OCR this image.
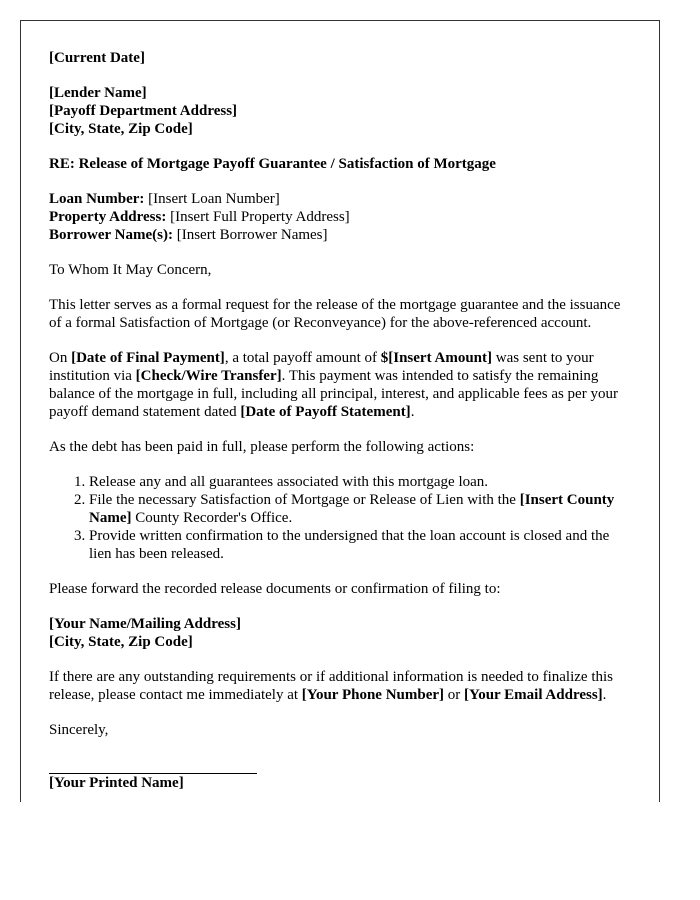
[Current Date]

[Lender Name]
[Payoff Department Address]
[City, State, Zip Code]

RE: Release of Mortgage Payoff Guarantee / Satisfaction of Mortgage

Loan Number: [Insert Loan Number]
Property Address: [Insert Full Property Address]
Borrower Name(s): [Insert Borrower Names]

To Whom It May Concern,

This letter serves as a formal request for the release of the mortgage guarantee and the issuance of a formal Satisfaction of Mortgage (or Reconveyance) for the above-referenced account.

On [Date of Final Payment], a total payoff amount of $[Insert Amount] was sent to your institution via [Check/Wire Transfer]. This payment was intended to satisfy the remaining balance of the mortgage in full, including all principal, interest, and applicable fees as per your payoff demand statement dated [Date of Payoff Statement].

As the debt has been paid in full, please perform the following actions:

1. Release any and all guarantees associated with this mortgage loan.
2. File the necessary Satisfaction of Mortgage or Release of Lien with the [Insert County Name] County Recorder's Office.
3. Provide written confirmation to the undersigned that the loan account is closed and the lien has been released.

Please forward the recorded release documents or confirmation of filing to:

[Your Name/Mailing Address]
[City, State, Zip Code]

If there are any outstanding requirements or if additional information is needed to finalize this release, please contact me immediately at [Your Phone Number] or [Your Email Address].

Sincerely,

[Your Printed Name]
